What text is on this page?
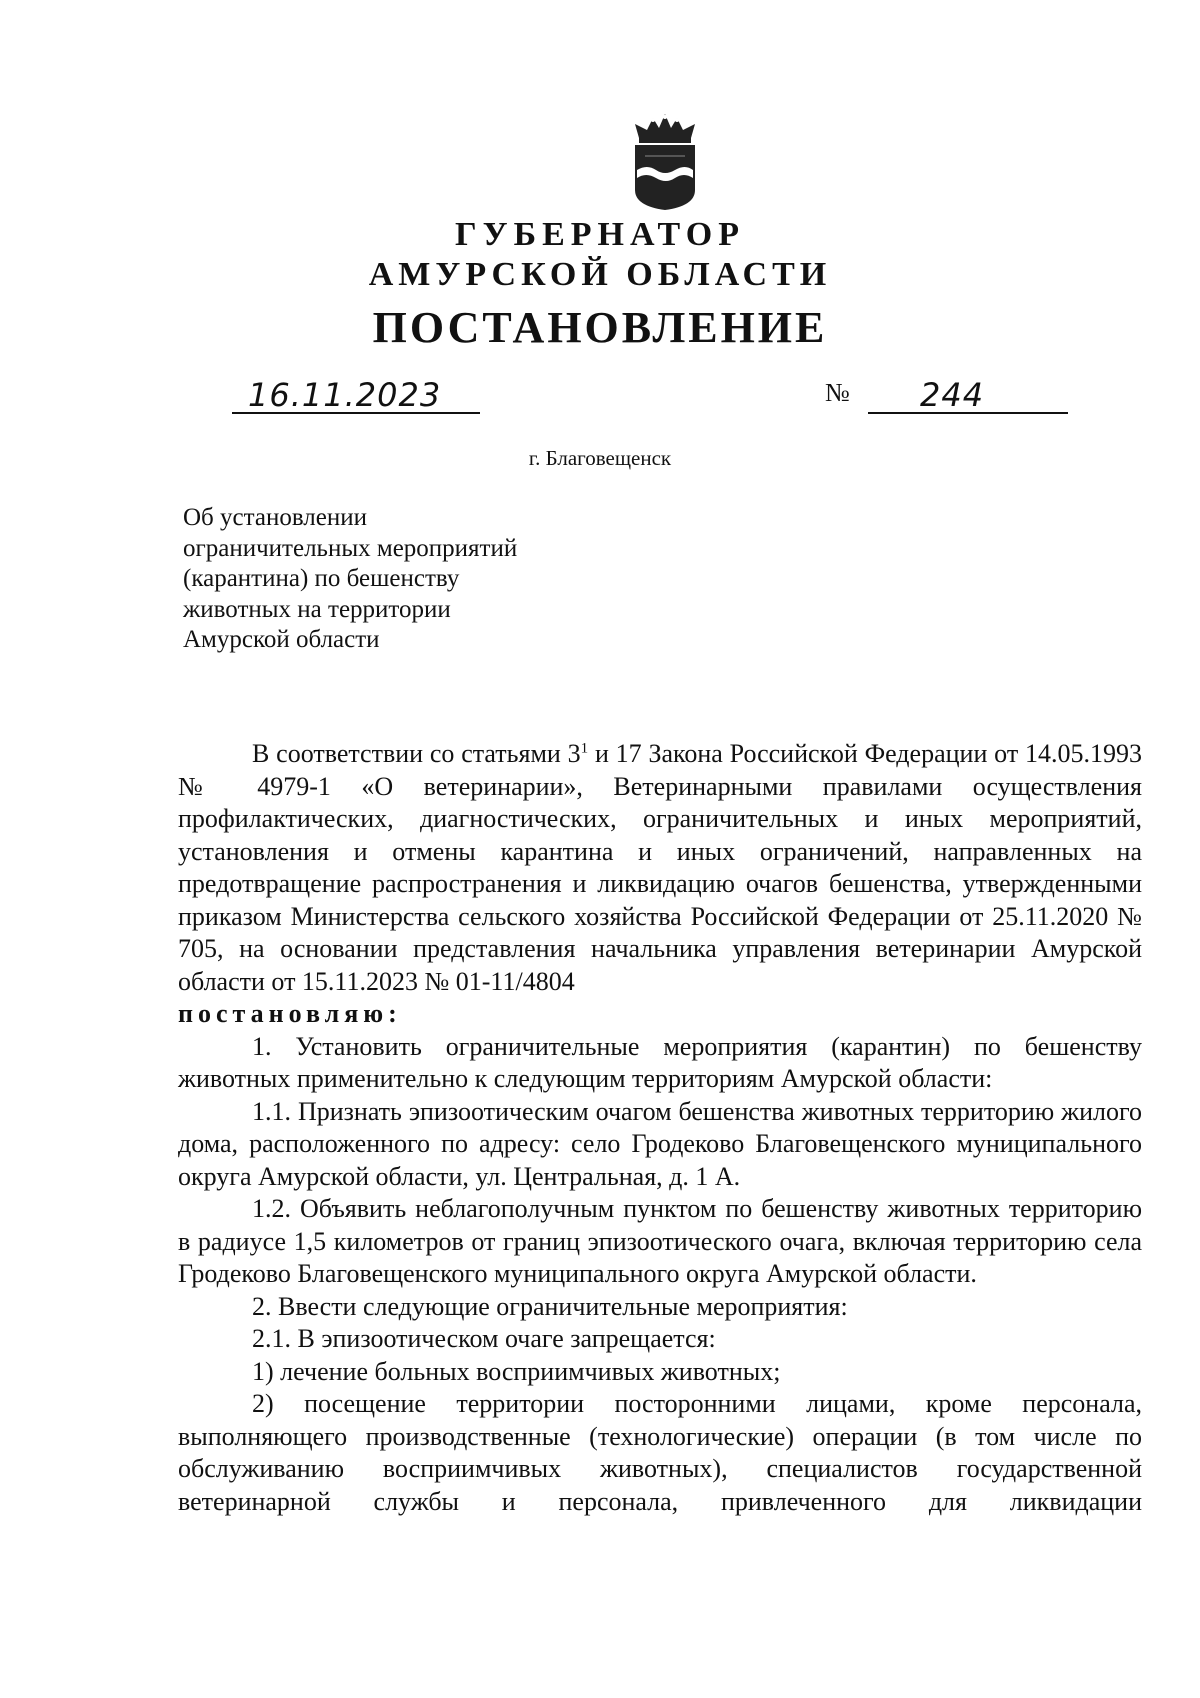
ГУБЕРНАТОР
АМУРСКОЙ ОБЛАСТИ
ПОСТАНОВЛЕНИЕ
16.11.2023	№ 244
г. Благовещенск
Об установлении
ограничительных мероприятий
(карантина) по бешенству
животных на территории
Амурской области

В соответствии со статьями $3^1$ и 17 Закона Российской Федерации от 14.05.1993 № 4979-1 «О ветеринарии», Ветеринарными правилами осуществления профилактических, диагностических, ограничительных и иных мероприятий, установления и отмены карантина и иных ограничений, направленных на предотвращение распространения и ликвидацию очагов бешенства, утвержденными приказом Министерства сельского хозяйства Российской Федерации от 25.11.2020 № 705, на основании представления начальника управления ветеринарии Амурской области от 15.11.2023 № 01-11/4804

постановляю:

1. Установить ограничительные мероприятия (карантин) по бешенству животных применительно к следующим территориям Амурской области:

1.1. Признать эпизоотическим очагом бешенства животных территорию жилого дома, расположенного по адресу: село Гродеково Благовещенского муниципального округа Амурской области, ул. Центральная, д. 1 А.

1.2. Объявить неблагополучным пунктом по бешенству животных территорию в радиусе 1,5 километров от границ эпизоотического очага, включая территорию села Гродеково Благовещенского муниципального округа Амурской области.

2. Ввести следующие ограничительные мероприятия:

2.1. В эпизоотическом очаге запрещается:

1) лечение больных восприимчивых животных;

2) посещение территории посторонними лицами, кроме персонала, выполняющего производственные (технологические) операции (в том числе по обслуживанию восприимчивых животных), специалистов государственной ветеринарной службы и персонала, привлеченного для ликвидации
